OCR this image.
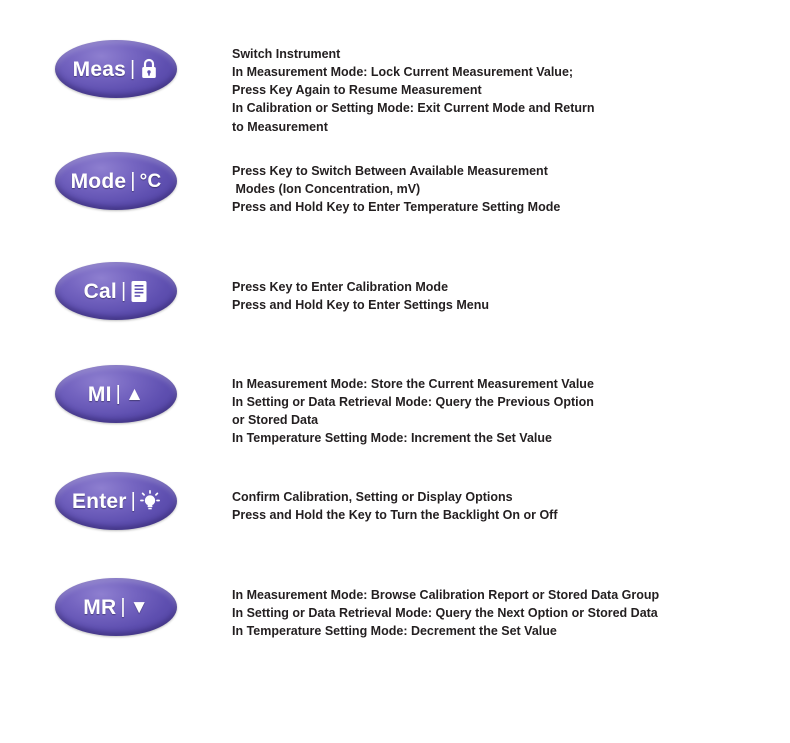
Meas |
Switch Instrument
In Measurement Mode: Lock Current Measurement Value;
Press Key Again to Resume Measurement
In Calibration or Setting Mode: Exit Current Mode and Return
to Measurement
Mode | °C	Press Key to Switch Between Available Measurement
Modes (Ion Concentration, mV)
Press and Hold Key to Enter Temperature Setting Mode
Cal |	Press Key to Enter Calibration Mode
Press and Hold Key to Enter Settings Menu
MI | ▲	In Measurement Mode: Store the Current Measurement Value
In Setting or Data Retrieval Mode: Query the Previous Option
or Stored Data
In Temperature Setting Mode: Increment the Set Value
Enter |	Confirm Calibration, Setting or Display Options
Press and Hold the Key to Turn the Backlight On or Off
MR | ▼
In Measurement Mode: Browse Calibration Report or Stored Data Group
In Setting or Data Retrieval Mode: Query the Next Option or Stored Data
In Temperature Setting Mode: Decrement the Set Value
